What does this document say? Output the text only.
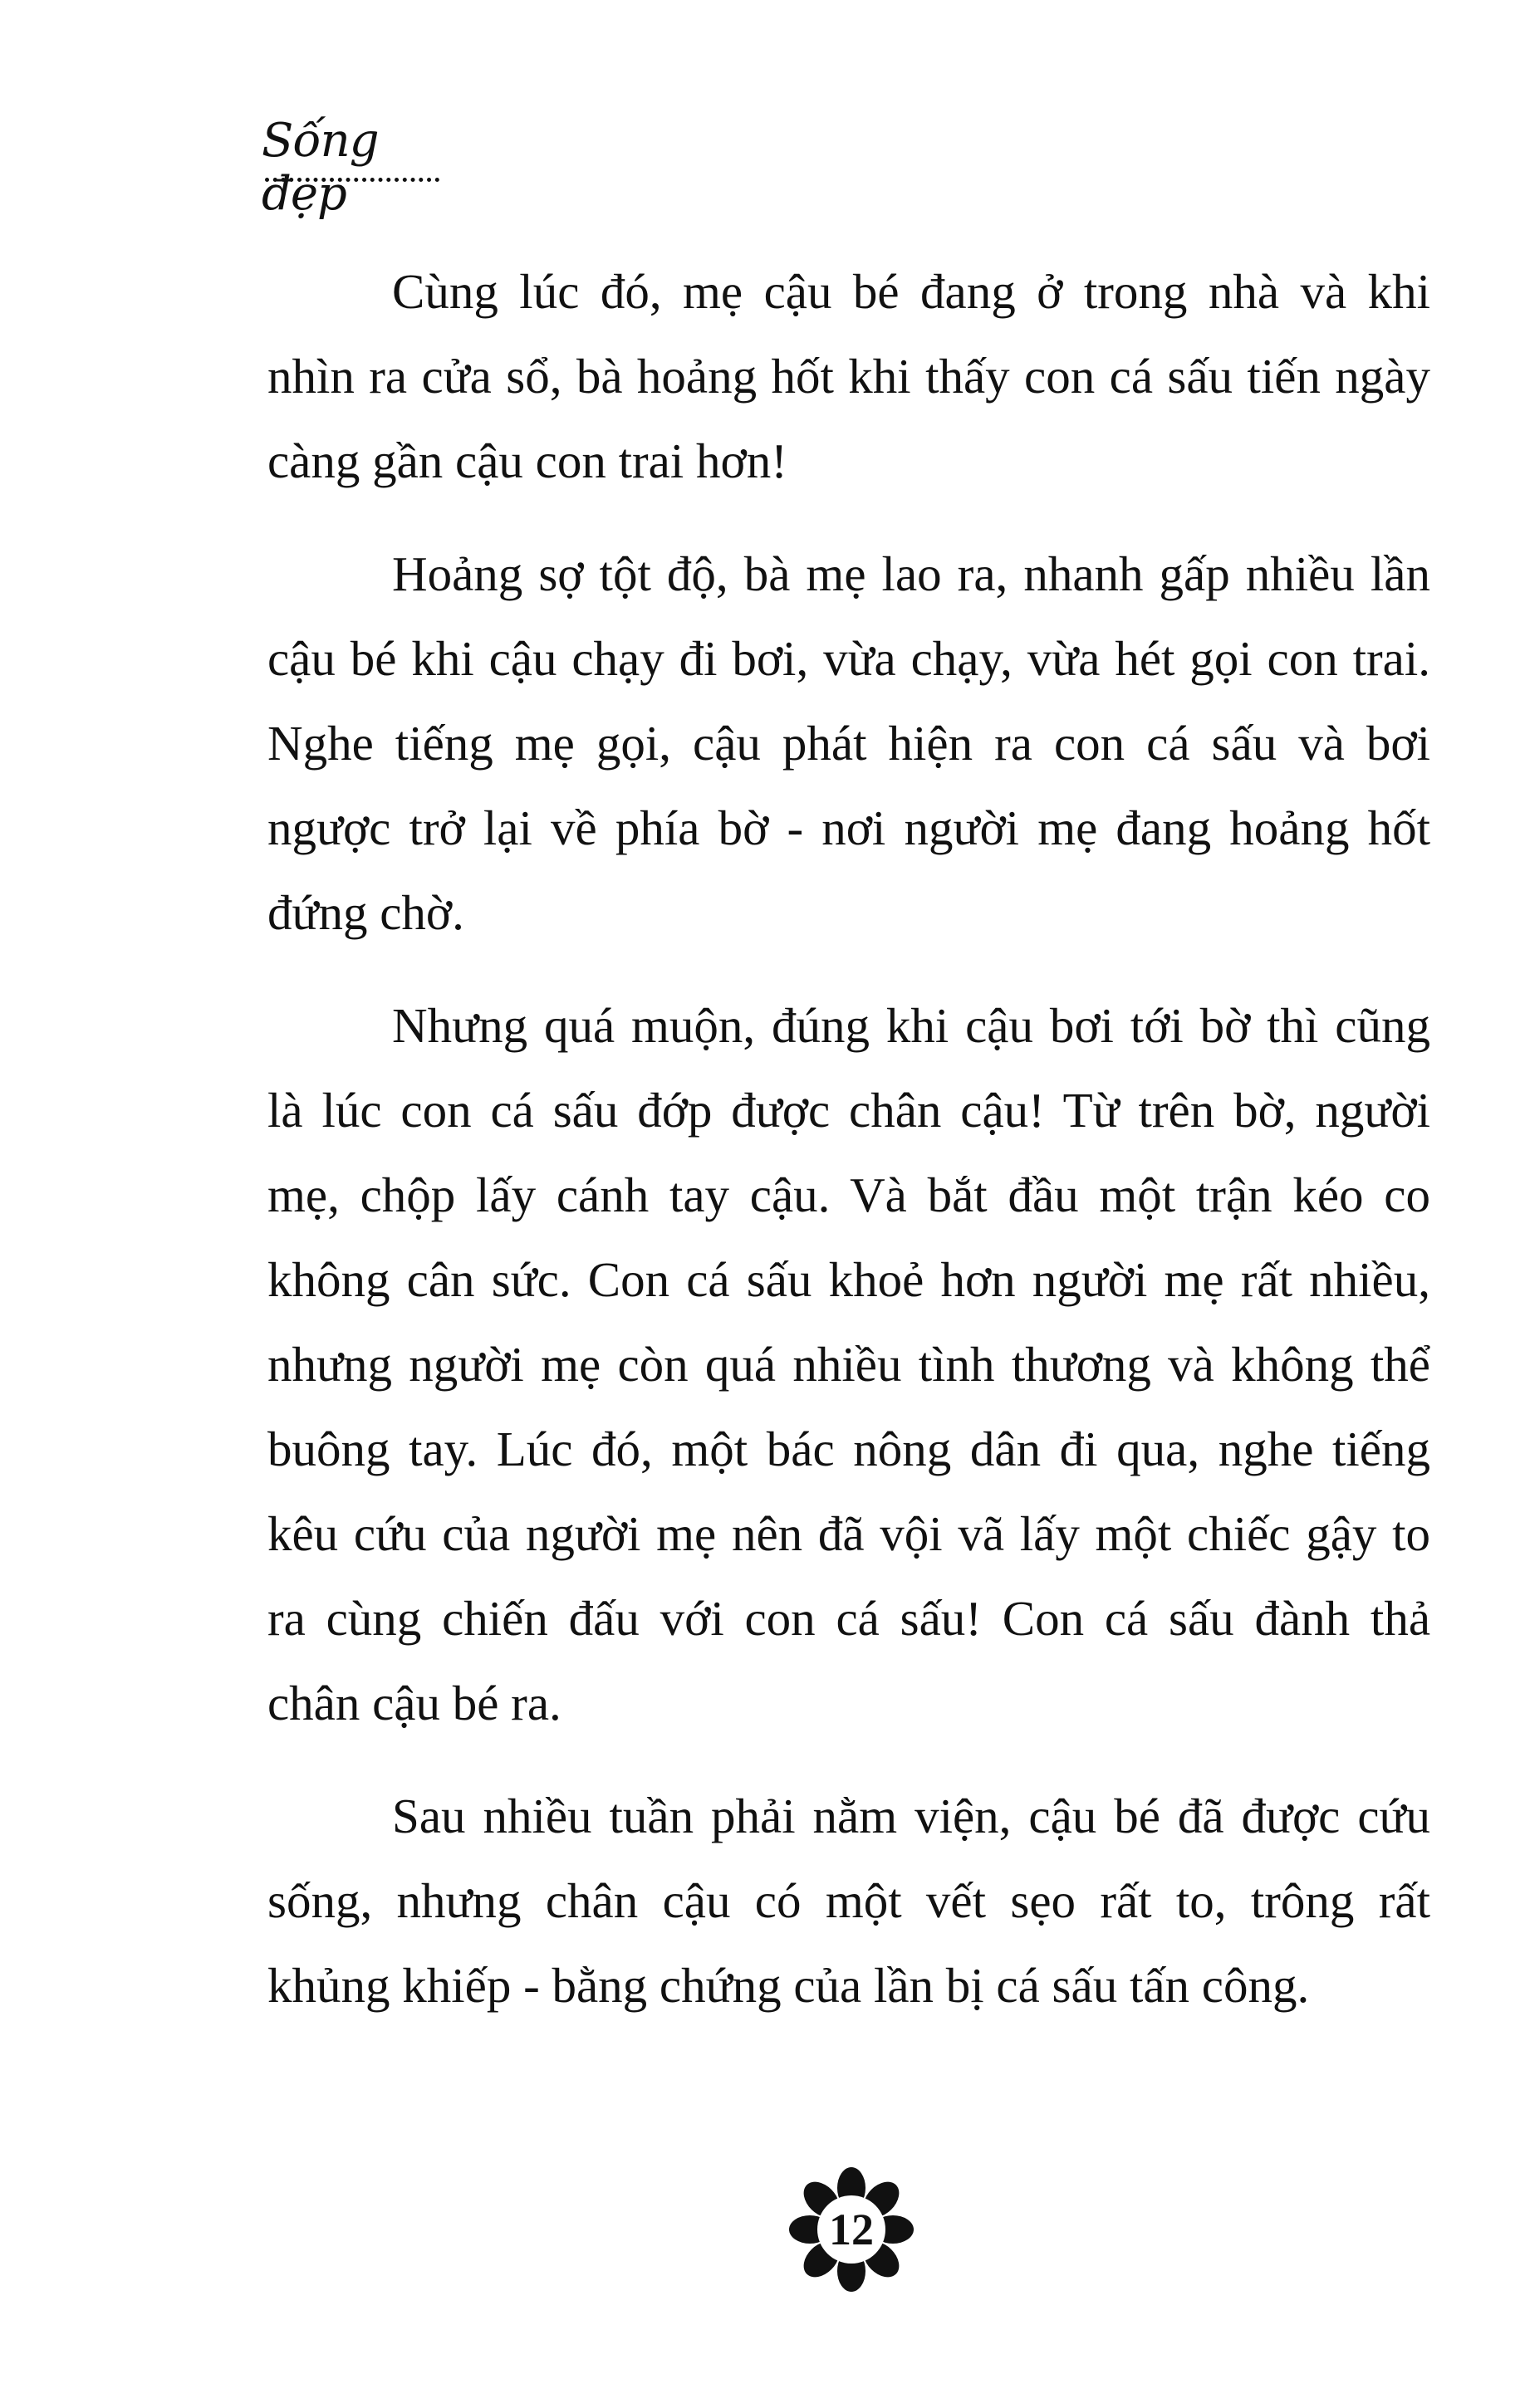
Sống đẹp

Cùng lúc đó, mẹ cậu bé đang ở trong nhà và khi nhìn ra cửa sổ, bà hoảng hốt khi thấy con cá sấu tiến ngày càng gần cậu con trai hơn!

Hoảng sợ tột độ, bà mẹ lao ra, nhanh gấp nhiều lần cậu bé khi cậu chạy đi bơi, vừa chạy, vừa hét gọi con trai. Nghe tiếng mẹ gọi, cậu phát hiện ra con cá sấu và bơi ngược trở lại về phía bờ - nơi người mẹ đang hoảng hốt đứng chờ.

Nhưng quá muộn, đúng khi cậu bơi tới bờ thì cũng là lúc con cá sấu đớp được chân cậu! Từ trên bờ, người mẹ, chộp lấy cánh tay cậu. Và bắt đầu một trận kéo co không cân sức. Con cá sấu khoẻ hơn người mẹ rất nhiều, nhưng người mẹ còn quá nhiều tình thương và không thể buông tay. Lúc đó, một bác nông dân đi qua, nghe tiếng kêu cứu của người mẹ nên đã vội vã lấy một chiếc gậy to ra cùng chiến đấu với con cá sấu! Con cá sấu đành thả chân cậu bé ra.

Sau nhiều tuần phải nằm viện, cậu bé đã được cứu sống, nhưng chân cậu có một vết sẹo rất to, trông rất khủng khiếp - bằng chứng của lần bị cá sấu tấn công.

12
